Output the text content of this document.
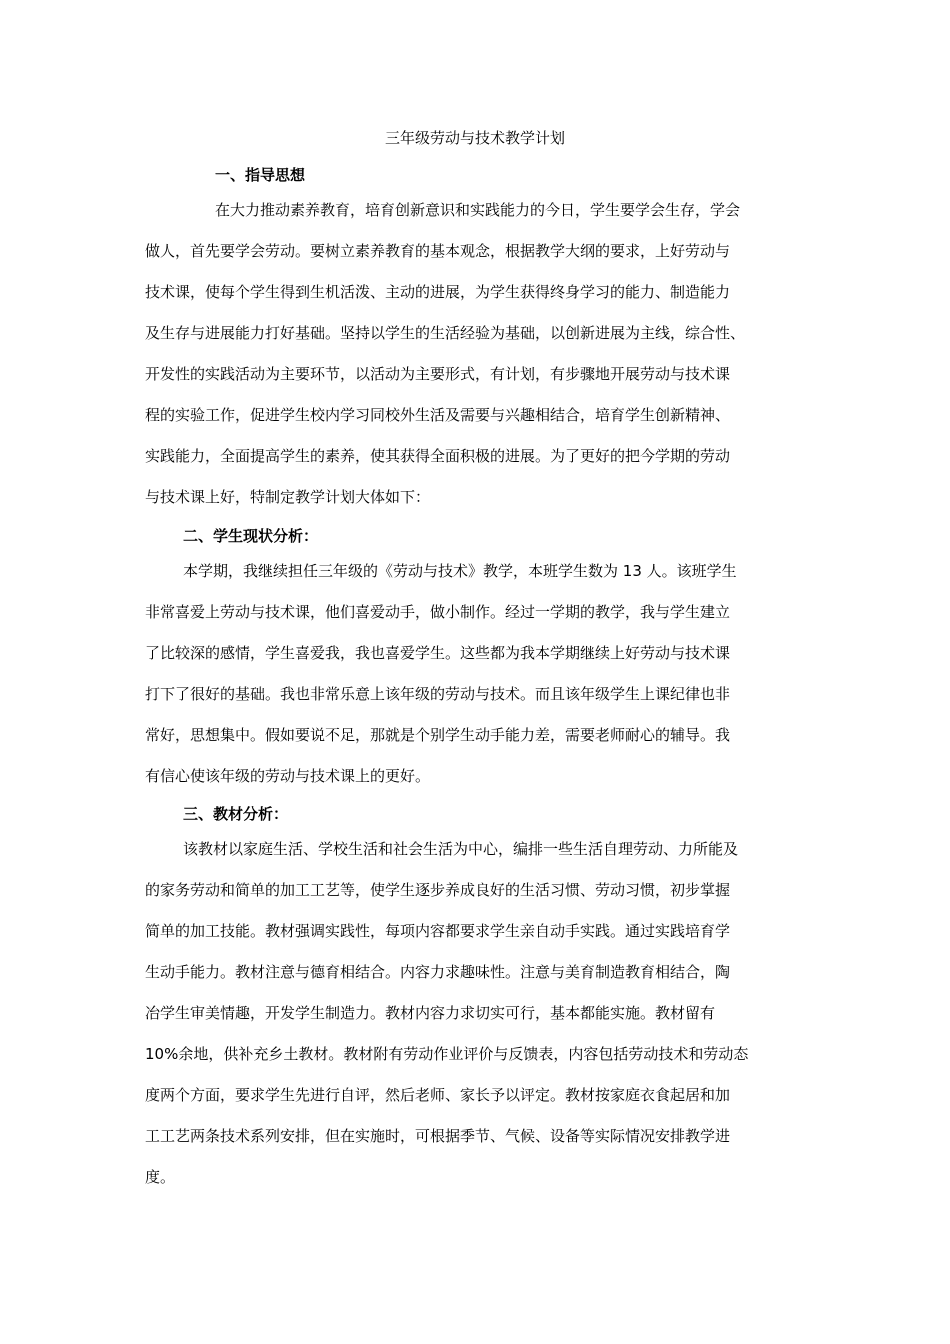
三年级劳动与技术教学计划
一、指导思想
在大力推动素养教育，培育创新意识和实践能力的今日，学生要学会生存，学会
做人，首先要学会劳动。要树立素养教育的基本观念，根据教学大纲的要求，上好劳动与
技术课，使每个学生得到生机活泼、主动的进展，为学生获得终身学习的能力、制造能力
及生存与进展能力打好基础。坚持以学生的生活经验为基础，以创新进展为主线，综合性、
开发性的实践活动为主要环节，以活动为主要形式，有计划，有步骤地开展劳动与技术课
程的实验工作，促进学生校内学习同校外生活及需要与兴趣相结合，培育学生创新精神、
实践能力，全面提高学生的素养，使其获得全面积极的进展。为了更好的把今学期的劳动
与技术课上好，特制定教学计划大体如下：
二、学生现状分析：
本学期，我继续担任三年级的《劳动与技术》教学，本班学生数为 13 人。该班学生
非常喜爱上劳动与技术课，他们喜爱动手，做小制作。经过一学期的教学，我与学生建立
了比较深的感情，学生喜爱我，我也喜爱学生。这些都为我本学期继续上好劳动与技术课
打下了很好的基础。我也非常乐意上该年级的劳动与技术。而且该年级学生上课纪律也非
常好，思想集中。假如要说不足，那就是个别学生动手能力差，需要老师耐心的辅导。我
有信心使该年级的劳动与技术课上的更好。
三、教材分析：
该教材以家庭生活、学校生活和社会生活为中心，编排一些生活自理劳动、力所能及
的家务劳动和简单的加工工艺等，使学生逐步养成良好的生活习惯、劳动习惯，初步掌握
简单的加工技能。教材强调实践性，每项内容都要求学生亲自动手实践。通过实践培育学
生动手能力。教材注意与德育相结合。内容力求趣味性。注意与美育制造教育相结合，陶
冶学生审美情趣，开发学生制造力。教材内容力求切实可行，基本都能实施。教材留有
10%余地，供补充乡土教材。教材附有劳动作业评价与反馈表，内容包括劳动技术和劳动态
度两个方面，要求学生先进行自评，然后老师、家长予以评定。教材按家庭衣食起居和加
工工艺两条技术系列安排，但在实施时，可根据季节、气候、设备等实际情况安排教学进
度。
